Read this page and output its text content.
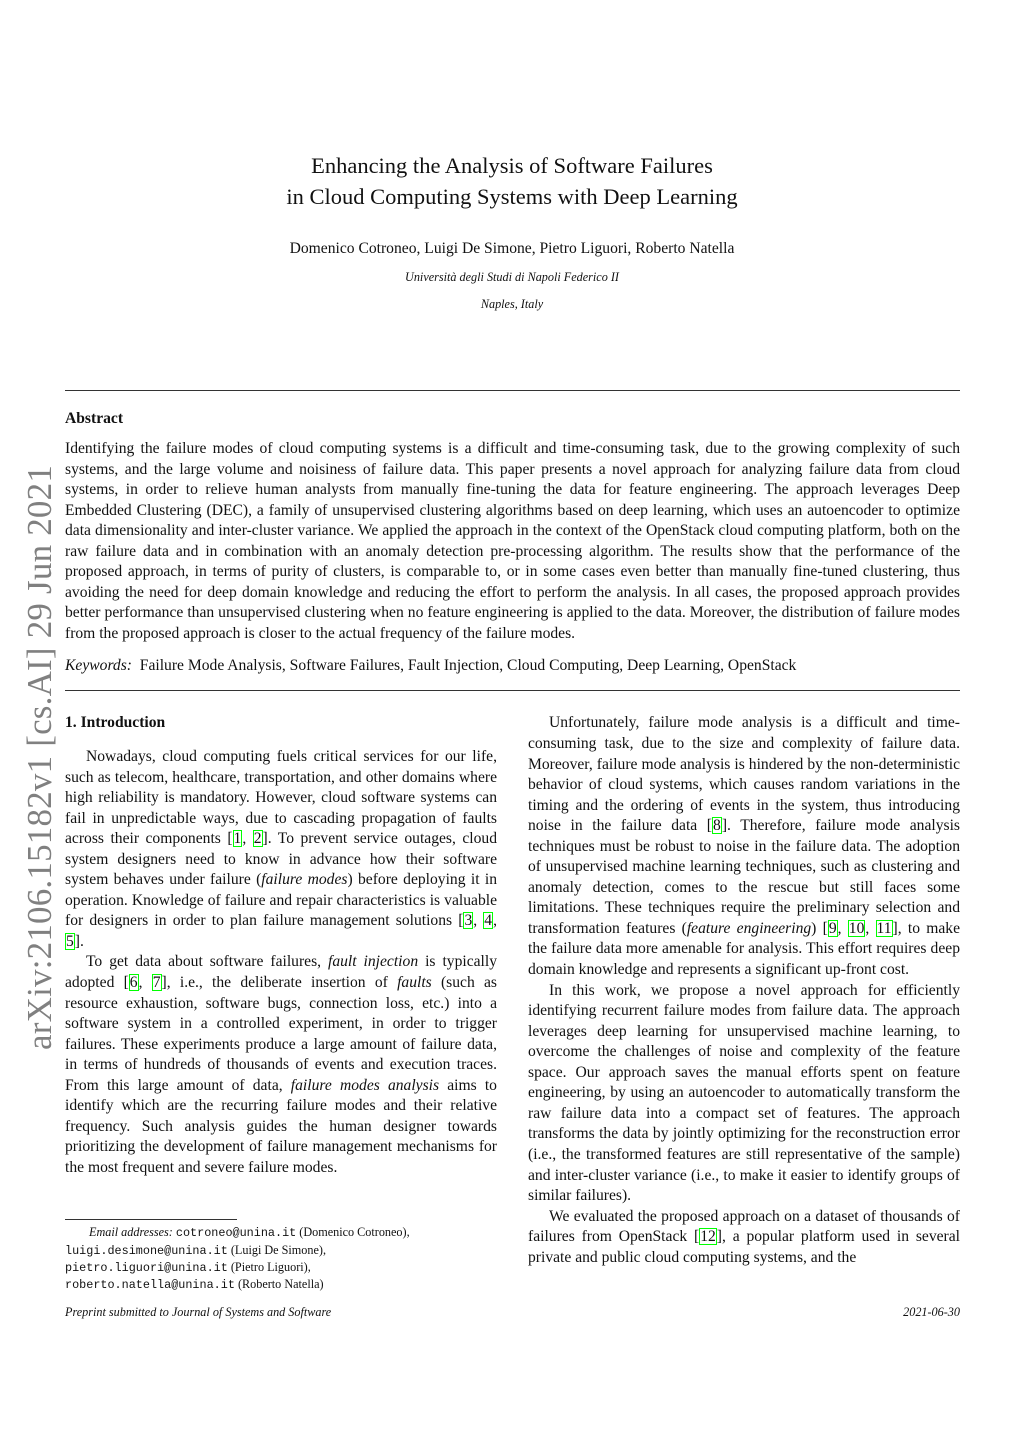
arXiv:2106.15182v1 [cs.AI] 29 Jun 2021
Enhancing the Analysis of Software Failures
in Cloud Computing Systems with Deep Learning
Domenico Cotroneo, Luigi De Simone, Pietro Liguori, Roberto Natella
Università degli Studi di Napoli Federico II
Naples, Italy
Abstract
Identifying the failure modes of cloud computing systems is a difficult and time-consuming task, due to the growing complexity of such systems, and the large volume and noisiness of failure data. This paper presents a novel approach for analyzing failure data from cloud systems, in order to relieve human analysts from manually fine-tuning the data for feature engineering. The approach leverages Deep Embedded Clustering (DEC), a family of unsupervised clustering algorithms based on deep learning, which uses an autoencoder to optimize data dimensionality and inter-cluster variance. We applied the approach in the context of the OpenStack cloud computing platform, both on the raw failure data and in combination with an anomaly detection pre-processing algorithm. The results show that the performance of the proposed approach, in terms of purity of clusters, is comparable to, or in some cases even better than manually fine-tuned clustering, thus avoiding the need for deep domain knowledge and reducing the effort to perform the analysis. In all cases, the proposed approach provides better performance than unsupervised clustering when no feature engineering is applied to the data. Moreover, the distribution of failure modes from the proposed approach is closer to the actual frequency of the failure modes.
Keywords: Failure Mode Analysis, Software Failures, Fault Injection, Cloud Computing, Deep Learning, OpenStack
1. Introduction

Nowadays, cloud computing fuels critical services for our life, such as telecom, healthcare, transportation, and other domains where high reliability is mandatory. However, cloud software systems can fail in unpredictable ways, due to cascading propagation of faults across their components [1, 2]. To prevent service outages, cloud system designers need to know in advance how their software system behaves under failure (failure modes) before deploying it in operation. Knowledge of failure and repair characteristics is valuable for designers in order to plan failure management solutions [3, 4, 5].

To get data about software failures, fault injection is typically adopted [6, 7], i.e., the deliberate insertion of faults (such as resource exhaustion, software bugs, connection loss, etc.) into a software system in a controlled experiment, in order to trigger failures. These experiments produce a large amount of failure data, in terms of hundreds of thousands of events and execution traces. From this large amount of data, failure modes analysis aims to identify which are the recurring failure modes and their relative frequency. Such analysis guides the human designer towards prioritizing the development of failure management mechanisms for the most frequent and severe failure modes.

Email addresses: cotroneo@unina.it (Domenico Cotroneo),
luigi.desimone@unina.it (Luigi De Simone),
pietro.liguori@unina.it (Pietro Liguori),
roberto.natella@unina.it (Roberto Natella)

Unfortunately, failure mode analysis is a difficult and time-consuming task, due to the size and complexity of failure data. Moreover, failure mode analysis is hindered by the non-deterministic behavior of cloud systems, which causes random variations in the timing and the ordering of events in the system, thus introducing noise in the failure data [8]. Therefore, failure mode analysis techniques must be robust to noise in the failure data. The adoption of unsupervised machine learning techniques, such as clustering and anomaly detection, comes to the rescue but still faces some limitations. These techniques require the preliminary selection and transformation features (feature engineering) [9, 10, 11], to make the failure data more amenable for analysis. This effort requires deep domain knowledge and represents a significant up-front cost.

In this work, we propose a novel approach for efficiently identifying recurrent failure modes from failure data. The approach leverages deep learning for unsupervised machine learning, to overcome the challenges of noise and complexity of the feature space. Our approach saves the manual efforts spent on feature engineering, by using an autoencoder to automatically transform the raw failure data into a compact set of features. The approach transforms the data by jointly optimizing for the reconstruction error (i.e., the transformed features are still representative of the sample) and inter-cluster variance (i.e., to make it easier to identify groups of similar failures).

We evaluated the proposed approach on a dataset of thousands of failures from OpenStack [12], a popular platform used in several private and public cloud computing systems, and the

Preprint submitted to Journal of Systems and Software	2021-06-30
